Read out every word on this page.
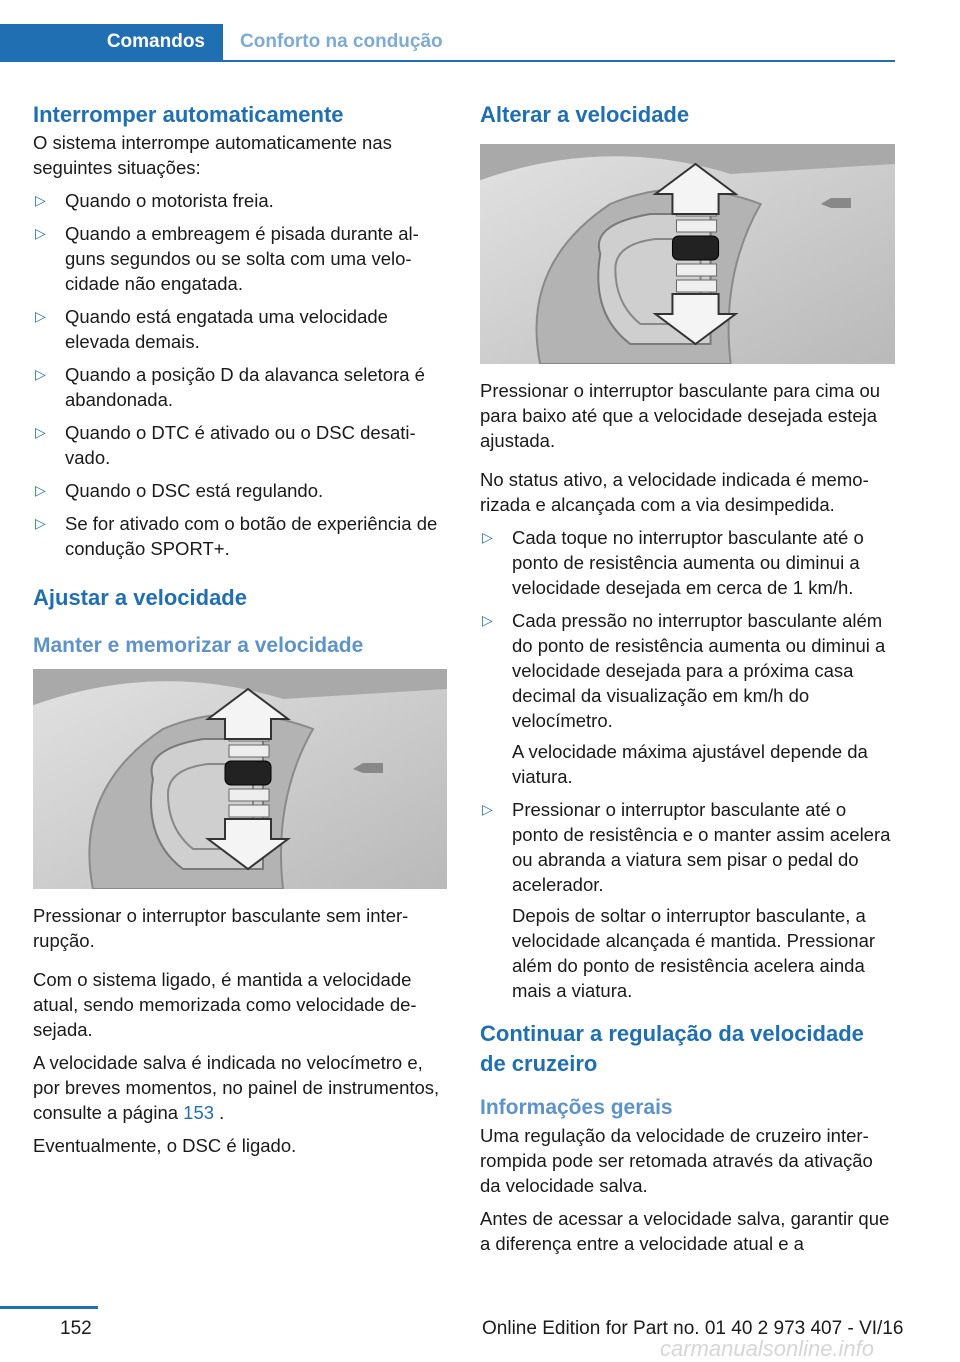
Comandos Conforto na condução
Interromper automaticamente

O sistema interrompe automaticamente nas seguintes situações:

▷ Quando o motorista freia.
▷ Quando a embreagem é pisada durante alguns segundos ou se solta com uma velocidade não engatada.
▷ Quando está engatada uma velocidade elevada demais.
▷ Quando a posição D da alavanca seletora é abandonada.
▷ Quando o DTC é ativado ou o DSC desativado.
▷ Quando o DSC está regulando.
▷ Se for ativado com o botão de experiência de condução SPORT+.
Ajustar a velocidade
Manter e memorizar a velocidade

Pressionar o interruptor basculante sem interrupção.

Com o sistema ligado, é mantida a velocidade atual, sendo memorizada como velocidade desejada.

A velocidade salva é indicada no velocímetro e, por breves momentos, no painel de instrumentos, consulte a página 153 .

Eventualmente, o DSC é ligado.

Alterar a velocidade

Pressionar o interruptor basculante para cima ou para baixo até que a velocidade desejada esteja ajustada.

No status ativo, a velocidade indicada é memorizada e alcançada com a via desimpedida.

▷ Cada toque no interruptor basculante até o ponto de resistência aumenta ou diminui a velocidade desejada em cerca de 1 km/h.
▷ Cada pressão no interruptor basculante além do ponto de resistência aumenta ou diminui a velocidade desejada para a próxima casa decimal da visualização em km/h do velocímetro.

A velocidade máxima ajustável depende da viatura.

▷ Pressionar o interruptor basculante até o ponto de resistência e o manter assim acelera ou abranda a viatura sem pisar o pedal do acelerador.

Depois de soltar o interruptor basculante, a velocidade alcançada é mantida. Pressionar além do ponto de resistência acelera ainda mais a viatura.

Continuar a regulação da velocidade de cruzeiro
Informações gerais

Uma regulação da velocidade de cruzeiro interrompida pode ser retomada através da ativação da velocidade salva.

Antes de acessar a velocidade salva, garantir que a diferença entre a velocidade atual e a

152	Online Edition for Part no. 01 40 2 973 407 - VI/16
carmanualsonline.info
